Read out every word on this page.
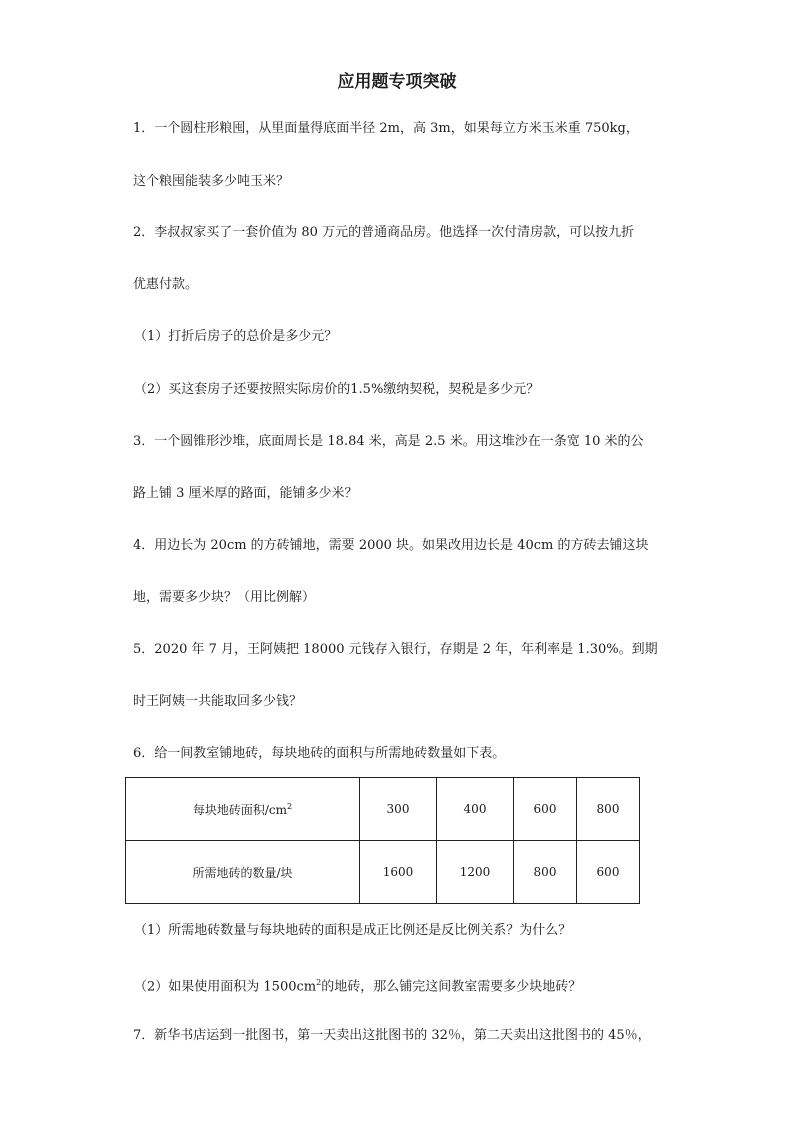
应用题专项突破
1．一个圆柱形粮囤，从里面量得底面半径 2m，高 3m，如果每立方米玉米重 750kg，
这个粮囤能装多少吨玉米？
2．李叔叔家买了一套价值为 80 万元的普通商品房。他选择一次付清房款，可以按九折
优惠付款。
（1）打折后房子的总价是多少元？
（2）买这套房子还要按照实际房价的1.5%缴纳契税，契税是多少元？
3．一个圆锥形沙堆，底面周长是 18.84 米，高是 2.5 米。用这堆沙在一条宽 10 米的公
路上铺 3 厘米厚的路面，能铺多少米？
4．用边长为 20cm 的方砖铺地，需要 2000 块。如果改用边长是 40cm 的方砖去铺这块
地，需要多少块？（用比例解）
5．2020 年 7 月，王阿姨把 18000 元钱存入银行，存期是 2 年，年利率是 1.30%。到期
时王阿姨一共能取回多少钱？
6．给一间教室铺地砖，每块地砖的面积与所需地砖数量如下表。
每块地砖面积$/cm^2$	300	400	600	800
所需地砖的数量/块	1600	1200	800	600
（1）所需地砖数量与每块地砖的面积是成正比例还是反比例关系？为什么？
（2）如果使用面积为 $1500cm^2$的地砖，那么铺完这间教室需要多少块地砖？
7．新华书店运到一批图书，第一天卖出这批图书的 32％，第二天卖出这批图书的 45％，
